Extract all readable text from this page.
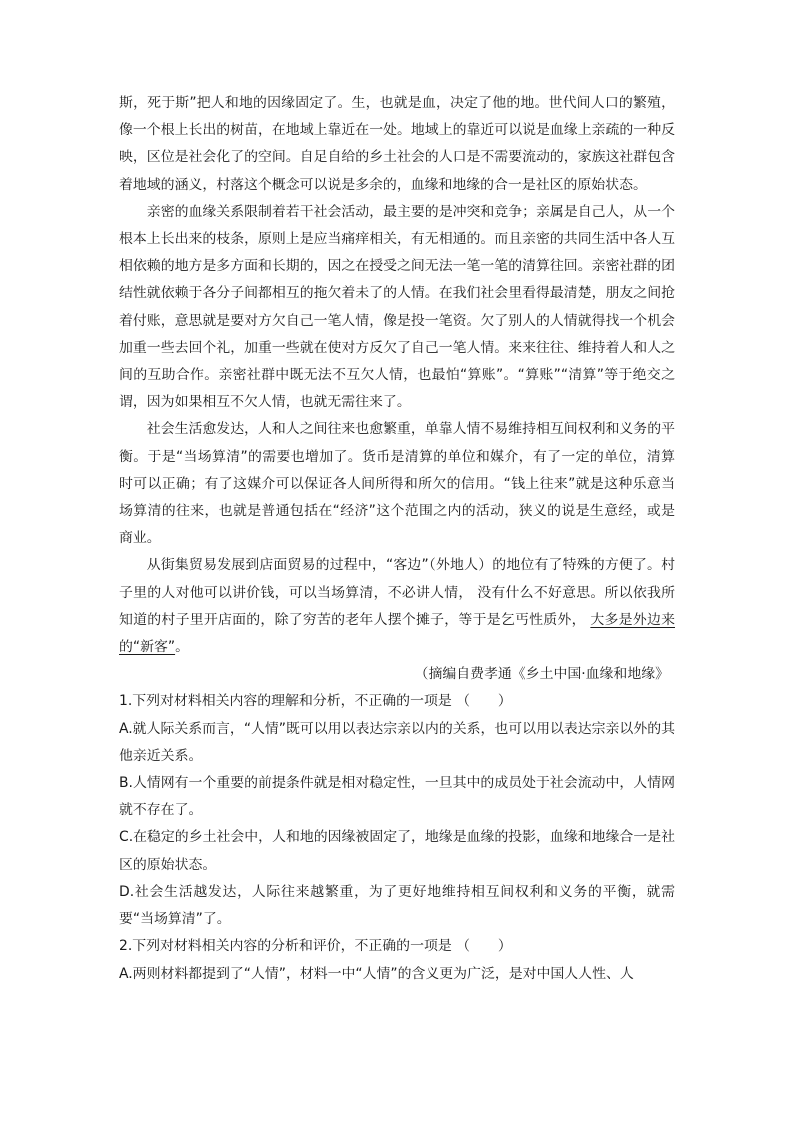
斯，死于斯”把人和地的因缘固定了。生，也就是血，决定了他的地。世代间人口的繁殖，像一个根上长出的树苗，在地域上靠近在一处。地域上的靠近可以说是血缘上亲疏的一种反映，区位是社会化了的空间。自足自给的乡土社会的人口是不需要流动的，家族这社群包含着地域的涵义，村落这个概念可以说是多余的，血缘和地缘的合一是社区的原始状态。

亲密的血缘关系限制着若干社会活动，最主要的是冲突和竞争；亲属是自己人，从一个根本上长出来的枝条，原则上是应当痛痒相关，有无相通的。而且亲密的共同生活中各人互相依赖的地方是多方面和长期的，因之在授受之间无法一笔一笔的清算往回。亲密社群的团结性就依赖于各分子间都相互的拖欠着未了的人情。在我们社会里看得最清楚，朋友之间抢着付账，意思就是要对方欠自己一笔人情，像是投一笔资。欠了别人的人情就得找一个机会加重一些去回个礼，加重一些就在使对方反欠了自己一笔人情。来来往往、维持着人和人之间的互助合作。亲密社群中既无法不互欠人情，也最怕“算账”。“算账”“清算”等于绝交之谓，因为如果相互不欠人情，也就无需往来了。

社会生活愈发达，人和人之间往来也愈繁重，单靠人情不易维持相互间权利和义务的平衡。于是“当场算清”的需要也增加了。货币是清算的单位和媒介，有了一定的单位，清算时可以正确；有了这媒介可以保证各人间所得和所欠的信用。“钱上往来”就是这种乐意当场算清的往来，也就是普通包括在“经济”这个范围之内的活动，狭义的说是生意经，或是商业。

从街集贸易发展到店面贸易的过程中，“客边”（外地人）的地位有了特殊的方便了。村子里的人对他可以讲价钱，可以当场算清，不必讲人情， 没有什么不好意思。所以依我所知道的村子里开店面的，除了穷苦的老年人摆个摊子，等于是乞丐性质外， 大多是外边来的“新客”。

（摘编自费孝通《乡土中国·血缘和地缘》

1.下列对材料相关内容的理解和分析，不正确的一项是 （　　）

A.就人际关系而言，“人情”既可以用以表达宗亲以内的关系，也可以用以表达宗亲以外的其他亲近关系。

B.人情网有一个重要的前提条件就是相对稳定性，一旦其中的成员处于社会流动中，人情网就不存在了。

C.在稳定的乡土社会中，人和地的因缘被固定了，地缘是血缘的投影，血缘和地缘合一是社区的原始状态。

D.社会生活越发达，人际往来越繁重，为了更好地维持相互间权利和义务的平衡，就需要“当场算清”了。

2.下列对材料相关内容的分析和评价，不正确的一项是 （　　）

A.两则材料都提到了“人情”，材料一中“人情”的含义更为广泛，是对中国人人性、人
